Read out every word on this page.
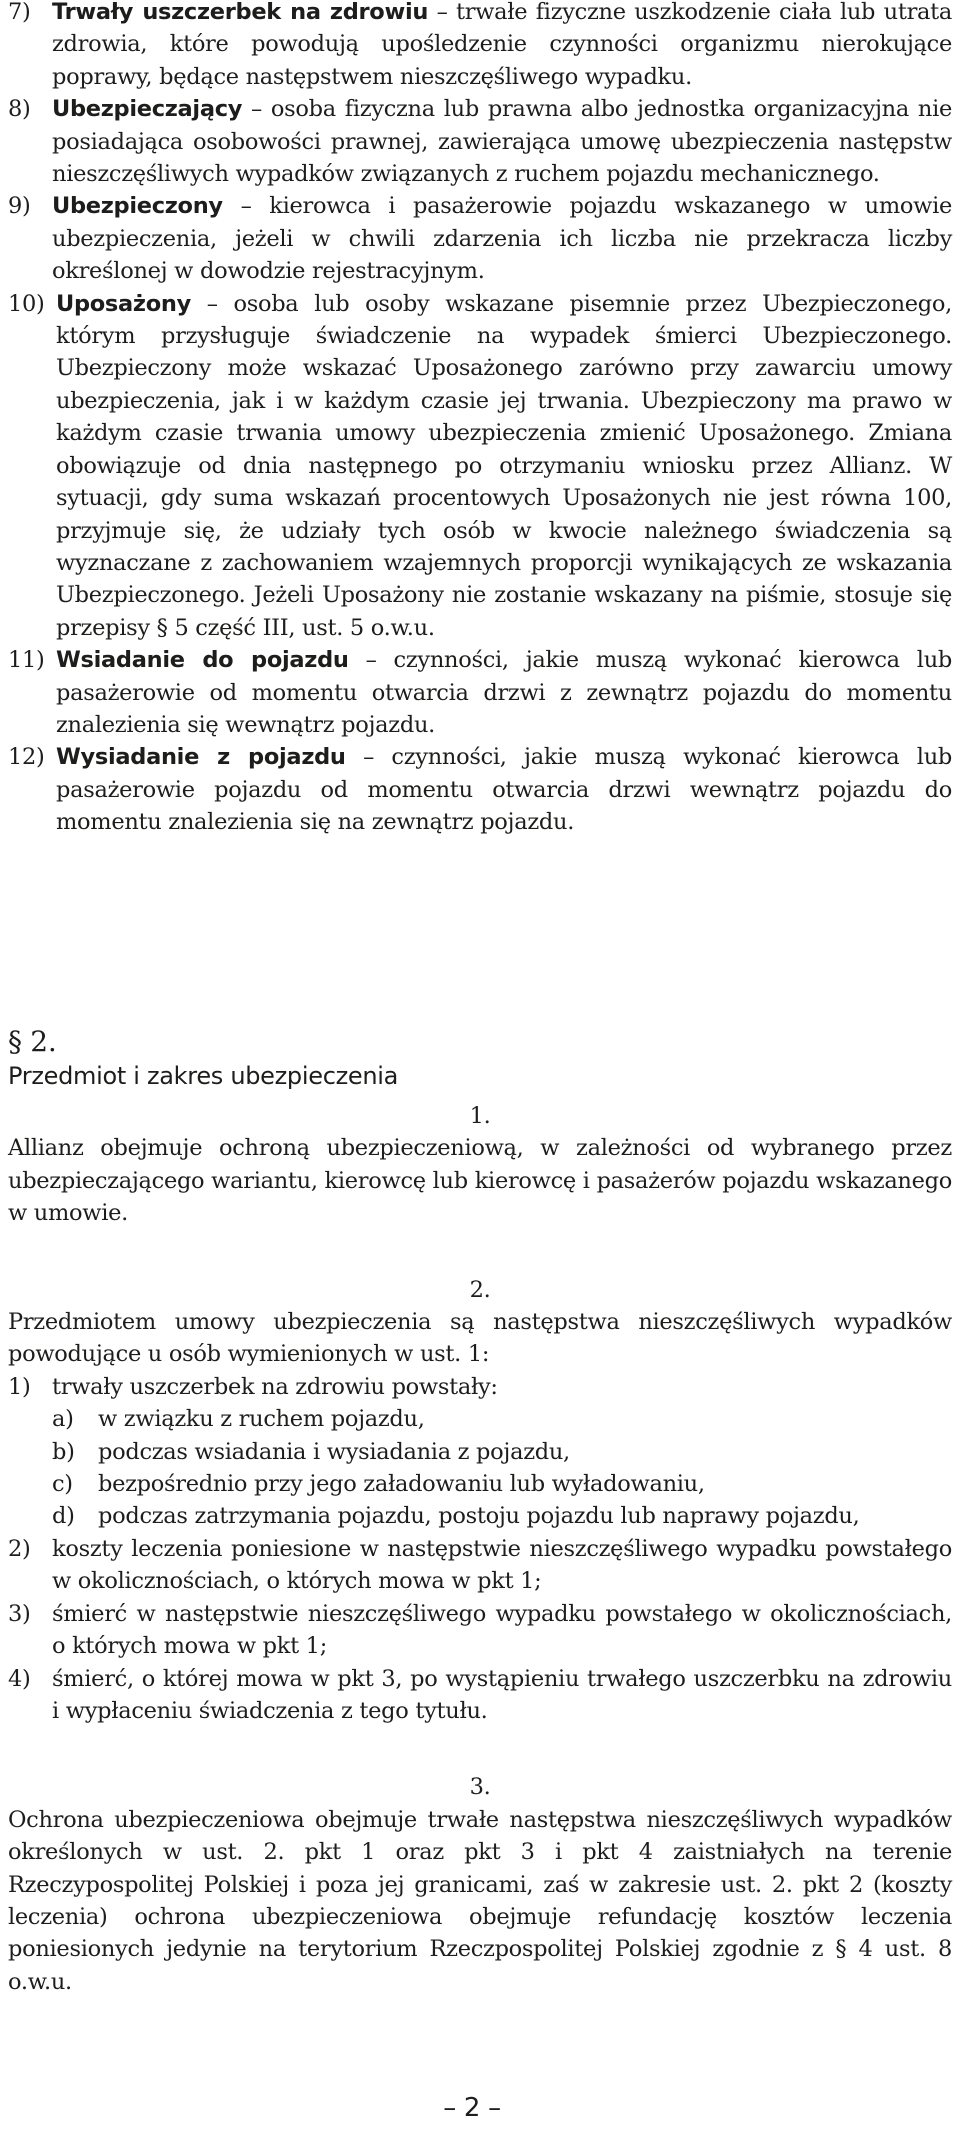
7) Trwały uszczerbek na zdrowiu – trwałe fizyczne uszkodzenie ciała lub utrata zdrowia, które powodują upośledzenie czynności organizmu nierokujące poprawy, będące następstwem nieszczęśliwego wypadku.
8) Ubezpieczający – osoba fizyczna lub prawna albo jednostka organizacyjna nie posiadająca osobowości prawnej, zawierająca umowę ubezpieczenia następstw nieszczęśliwych wypadków związanych z ruchem pojazdu mechanicznego.
9) Ubezpieczony – kierowca i pasażerowie pojazdu wskazanego w umowie ubezpieczenia, jeżeli w chwili zdarzenia ich liczba nie przekracza liczby określonej w dowodzie rejestracyjnym.
10) Uposażony – osoba lub osoby wskazane pisemnie przez Ubezpieczonego, którym przysługuje świadczenie na wypadek śmierci Ubezpieczonego. Ubezpieczony może wskazać Uposażonego zarówno przy zawarciu umowy ubezpieczenia, jak i w każdym czasie jej trwania. Ubezpieczony ma prawo w każdym czasie trwania umowy ubezpieczenia zmienić Uposażonego. Zmiana obowiązuje od dnia następnego po otrzymaniu wniosku przez Allianz. W sytuacji, gdy suma wskazań procentowych Uposażonych nie jest równa 100, przyjmuje się, że udziały tych osób w kwocie należnego świadczenia są wyznaczane z zachowaniem wzajemnych proporcji wynikających ze wskazania Ubezpieczonego. Jeżeli Uposażony nie zostanie wskazany na piśmie, stosuje się przepisy § 5 część III, ust. 5 o.w.u.
11) Wsiadanie do pojazdu – czynności, jakie muszą wykonać kierowca lub pasażerowie od momentu otwarcia drzwi z zewnątrz pojazdu do momentu znalezienia się wewnątrz pojazdu.
12) Wysiadanie z pojazdu – czynności, jakie muszą wykonać kierowca lub pasażerowie pojazdu od momentu otwarcia drzwi wewnątrz pojazdu do momentu znalezienia się na zewnątrz pojazdu.
§ 2.
Przedmiot i zakres ubezpieczenia
1.
Allianz obejmuje ochroną ubezpieczeniową, w zależności od wybranego przez ubezpieczającego wariantu, kierowcę lub kierowcę i pasażerów pojazdu wskazanego w umowie.
2.
Przedmiotem umowy ubezpieczenia są następstwa nieszczęśliwych wypadków powodujące u osób wymienionych w ust. 1:
1) trwały uszczerbek na zdrowiu powstały:
a) w związku z ruchem pojazdu,
b) podczas wsiadania i wysiadania z pojazdu,
c) bezpośrednio przy jego załadowaniu lub wyładowaniu,
d) podczas zatrzymania pojazdu, postoju pojazdu lub naprawy pojazdu,
2) koszty leczenia poniesione w następstwie nieszczęśliwego wypadku powstałego w okolicznościach, o których mowa w pkt 1;
3) śmierć w następstwie nieszczęśliwego wypadku powstałego w okolicznościach, o których mowa w pkt 1;
4) śmierć, o której mowa w pkt 3, po wystąpieniu trwałego uszczerbku na zdrowiu i wypłaceniu świadczenia z tego tytułu.
3.
Ochrona ubezpieczeniowa obejmuje trwałe następstwa nieszczęśliwych wypadków określonych w ust. 2. pkt 1 oraz pkt 3 i pkt 4 zaistniałych na terenie Rzeczypospolitej Polskiej i poza jej granicami, zaś w zakresie ust. 2. pkt 2 (koszty leczenia) ochrona ubezpieczeniowa obejmuje refundację kosztów leczenia poniesionych jedynie na terytorium Rzeczpospolitej Polskiej zgodnie z § 4 ust. 8 o.w.u.
– 2 –
